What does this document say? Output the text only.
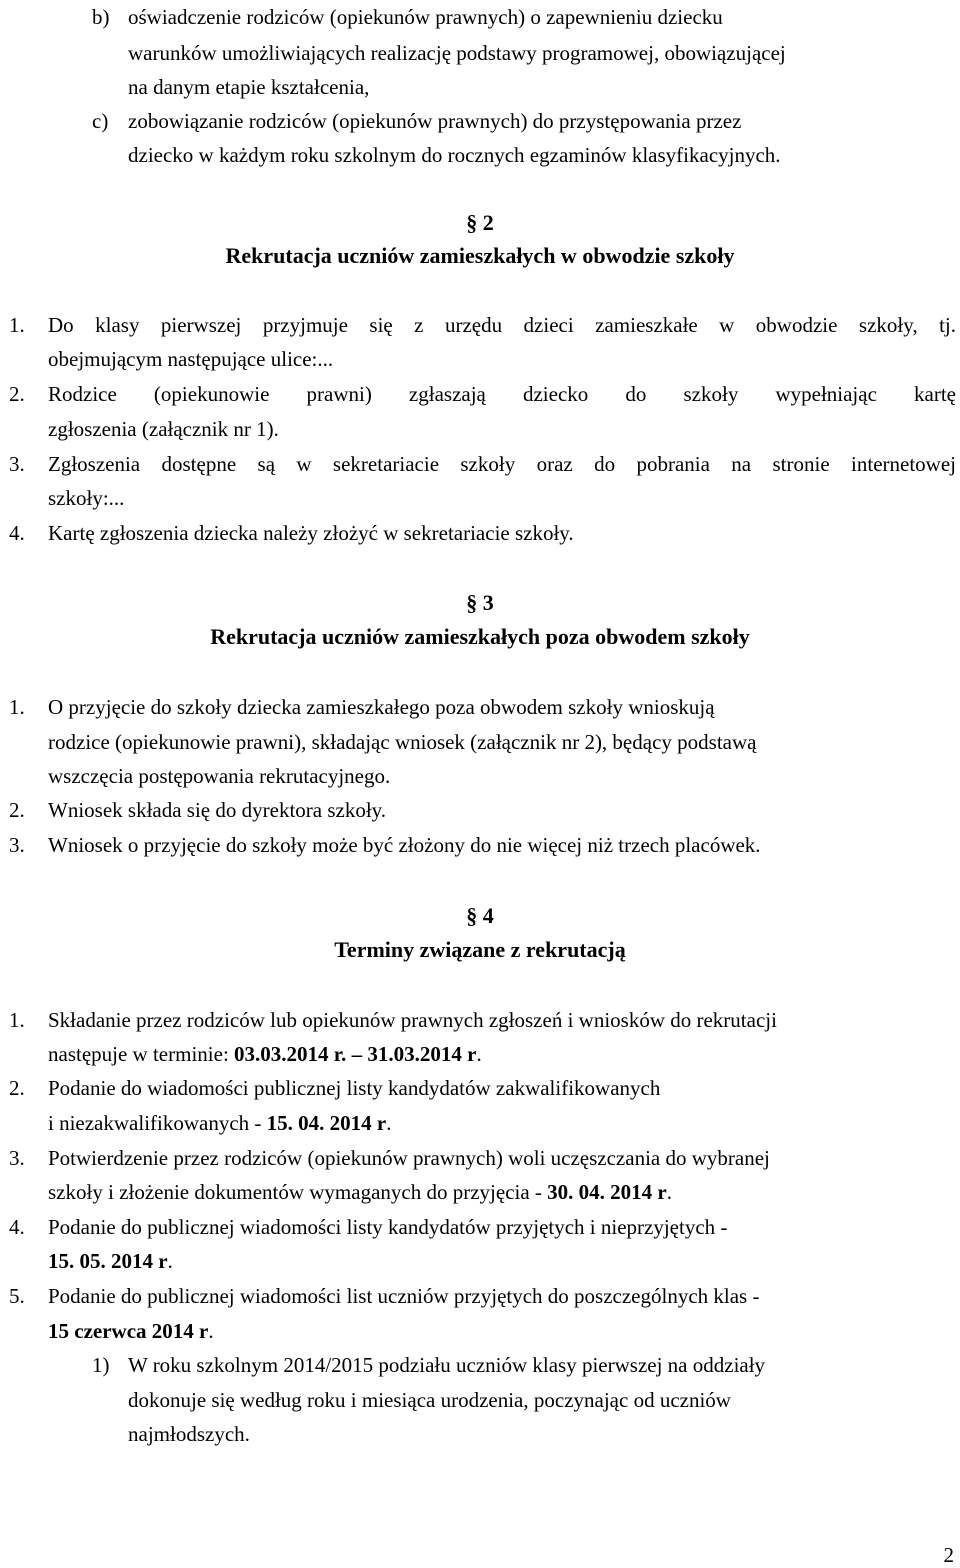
b) oświadczenie rodziców (opiekunów prawnych) o zapewnieniu dziecku
warunków umożliwiających realizację podstawy programowej, obowiązującej
na danym etapie kształcenia,
c) zobowiązanie rodziców (opiekunów prawnych) do przystępowania przez
dziecko w każdym roku szkolnym do rocznych egzaminów klasyfikacyjnych.
§ 2
Rekrutacja uczniów zamieszkałych w obwodzie szkoły
1. Do klasy pierwszej przyjmuje się z urzędu dzieci zamieszkałe w obwodzie szkoły, tj.
obejmującym następujące ulice:...
2. Rodzice (opiekunowie prawni) zgłaszają dziecko do szkoły wypełniając kartę
zgłoszenia (załącznik nr 1).
3. Zgłoszenia dostępne są w sekretariacie szkoły oraz do pobrania na stronie internetowej
szkoły:...
4. Kartę zgłoszenia dziecka należy złożyć w sekretariacie szkoły.
§ 3
Rekrutacja uczniów zamieszkałych poza obwodem szkoły
1. O przyjęcie do szkoły dziecka zamieszkałego poza obwodem szkoły wnioskują
rodzice (opiekunowie prawni), składając wniosek (załącznik nr 2), będący podstawą
wszczęcia postępowania rekrutacyjnego.
2. Wniosek składa się do dyrektora szkoły.
3. Wniosek o przyjęcie do szkoły może być złożony do nie więcej niż trzech placówek.
§ 4
Terminy związane z rekrutacją
1. Składanie przez rodziców lub opiekunów prawnych zgłoszeń i wniosków do rekrutacji
następuje w terminie: 03.03.2014 r. – 31.03.2014 r.
2. Podanie do wiadomości publicznej listy kandydatów zakwalifikowanych
i niezakwalifikowanych - 15. 04. 2014 r.
3. Potwierdzenie przez rodziców (opiekunów prawnych) woli uczęszczania do wybranej
szkoły i złożenie dokumentów wymaganych do przyjęcia - 30. 04. 2014 r.
4. Podanie do publicznej wiadomości listy kandydatów przyjętych i nieprzyjętych -
15. 05. 2014 r.
5. Podanie do publicznej wiadomości list uczniów przyjętych do poszczególnych klas -
15 czerwca 2014 r.
1) W roku szkolnym 2014/2015 podziału uczniów klasy pierwszej na oddziały
dokonuje się według roku i miesiąca urodzenia, poczynając od uczniów
najmłodszych.
2
